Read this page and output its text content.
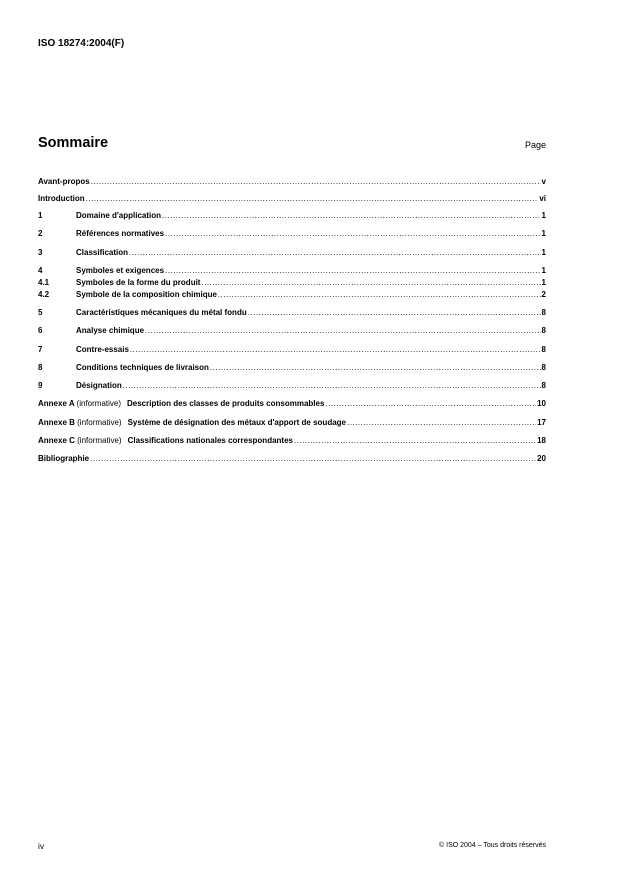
ISO 18274:2004(F)
Sommaire	Page
Avant-propos .....	v
Introduction .....	vi
1	Domaine d'application .....	1
2	Références normatives .....	1
3	Classification .....	1
4	Symboles et exigences .....	1
4.1	Symboles de la forme du produit .....	1
4.2	Symbole de la composition chimique .....	2
5	Caractéristiques mécaniques du métal fondu .....	8
6	Analyse chimique .....	8
7	Contre-essais .....	8
8	Conditions techniques de livraison .....	8
9	Désignation .....	8
Annexe A (informative) Description des classes de produits consommables .....	10
Annexe B (informative) Système de désignation des métaux d'apport de soudage .....	17
Annexe C (informative) Classifications nationales correspondantes .....	18
Bibliographie .....	20
iv	© ISO 2004 – Tous droits réservés
